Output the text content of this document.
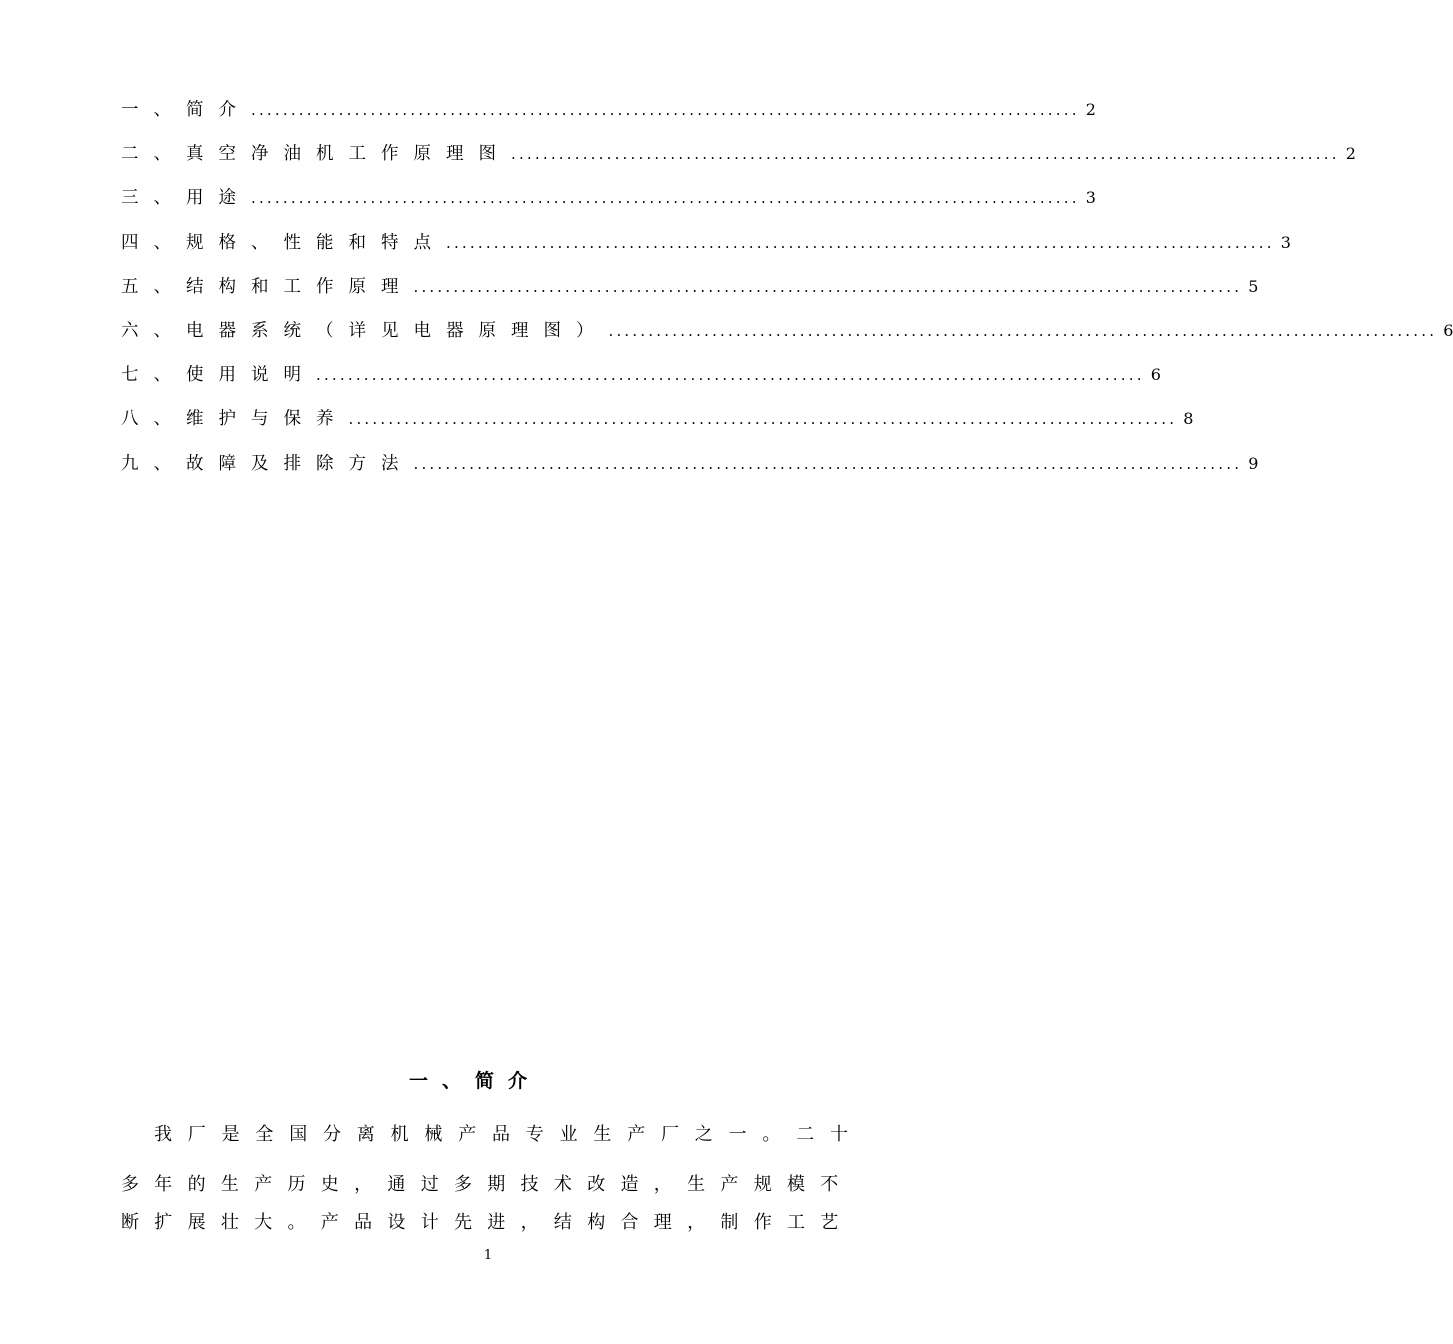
一、简介 ........................................................................................................ 2
二、真空净油机工作原理图 ........................................................................................................ 2
三、用途 ........................................................................................................ 3
四、规格、性能和特点 ........................................................................................................ 3
五、结构和工作原理 ........................................................................................................ 5
六、电器系统（详见电器原理图） ........................................................................................................ 6
七、使用说明 ........................................................................................................ 6
八、维护与保养 ........................................................................................................ 8
九、故障及排除方法 ........................................................................................................ 9
一、简介
我厂是全国分离机械产品专业生产厂之一。二十
多年的生产历史，通过多期技术改造，生产规模不
断扩展壮大。产品设计先进，结构合理，制作工艺
1
